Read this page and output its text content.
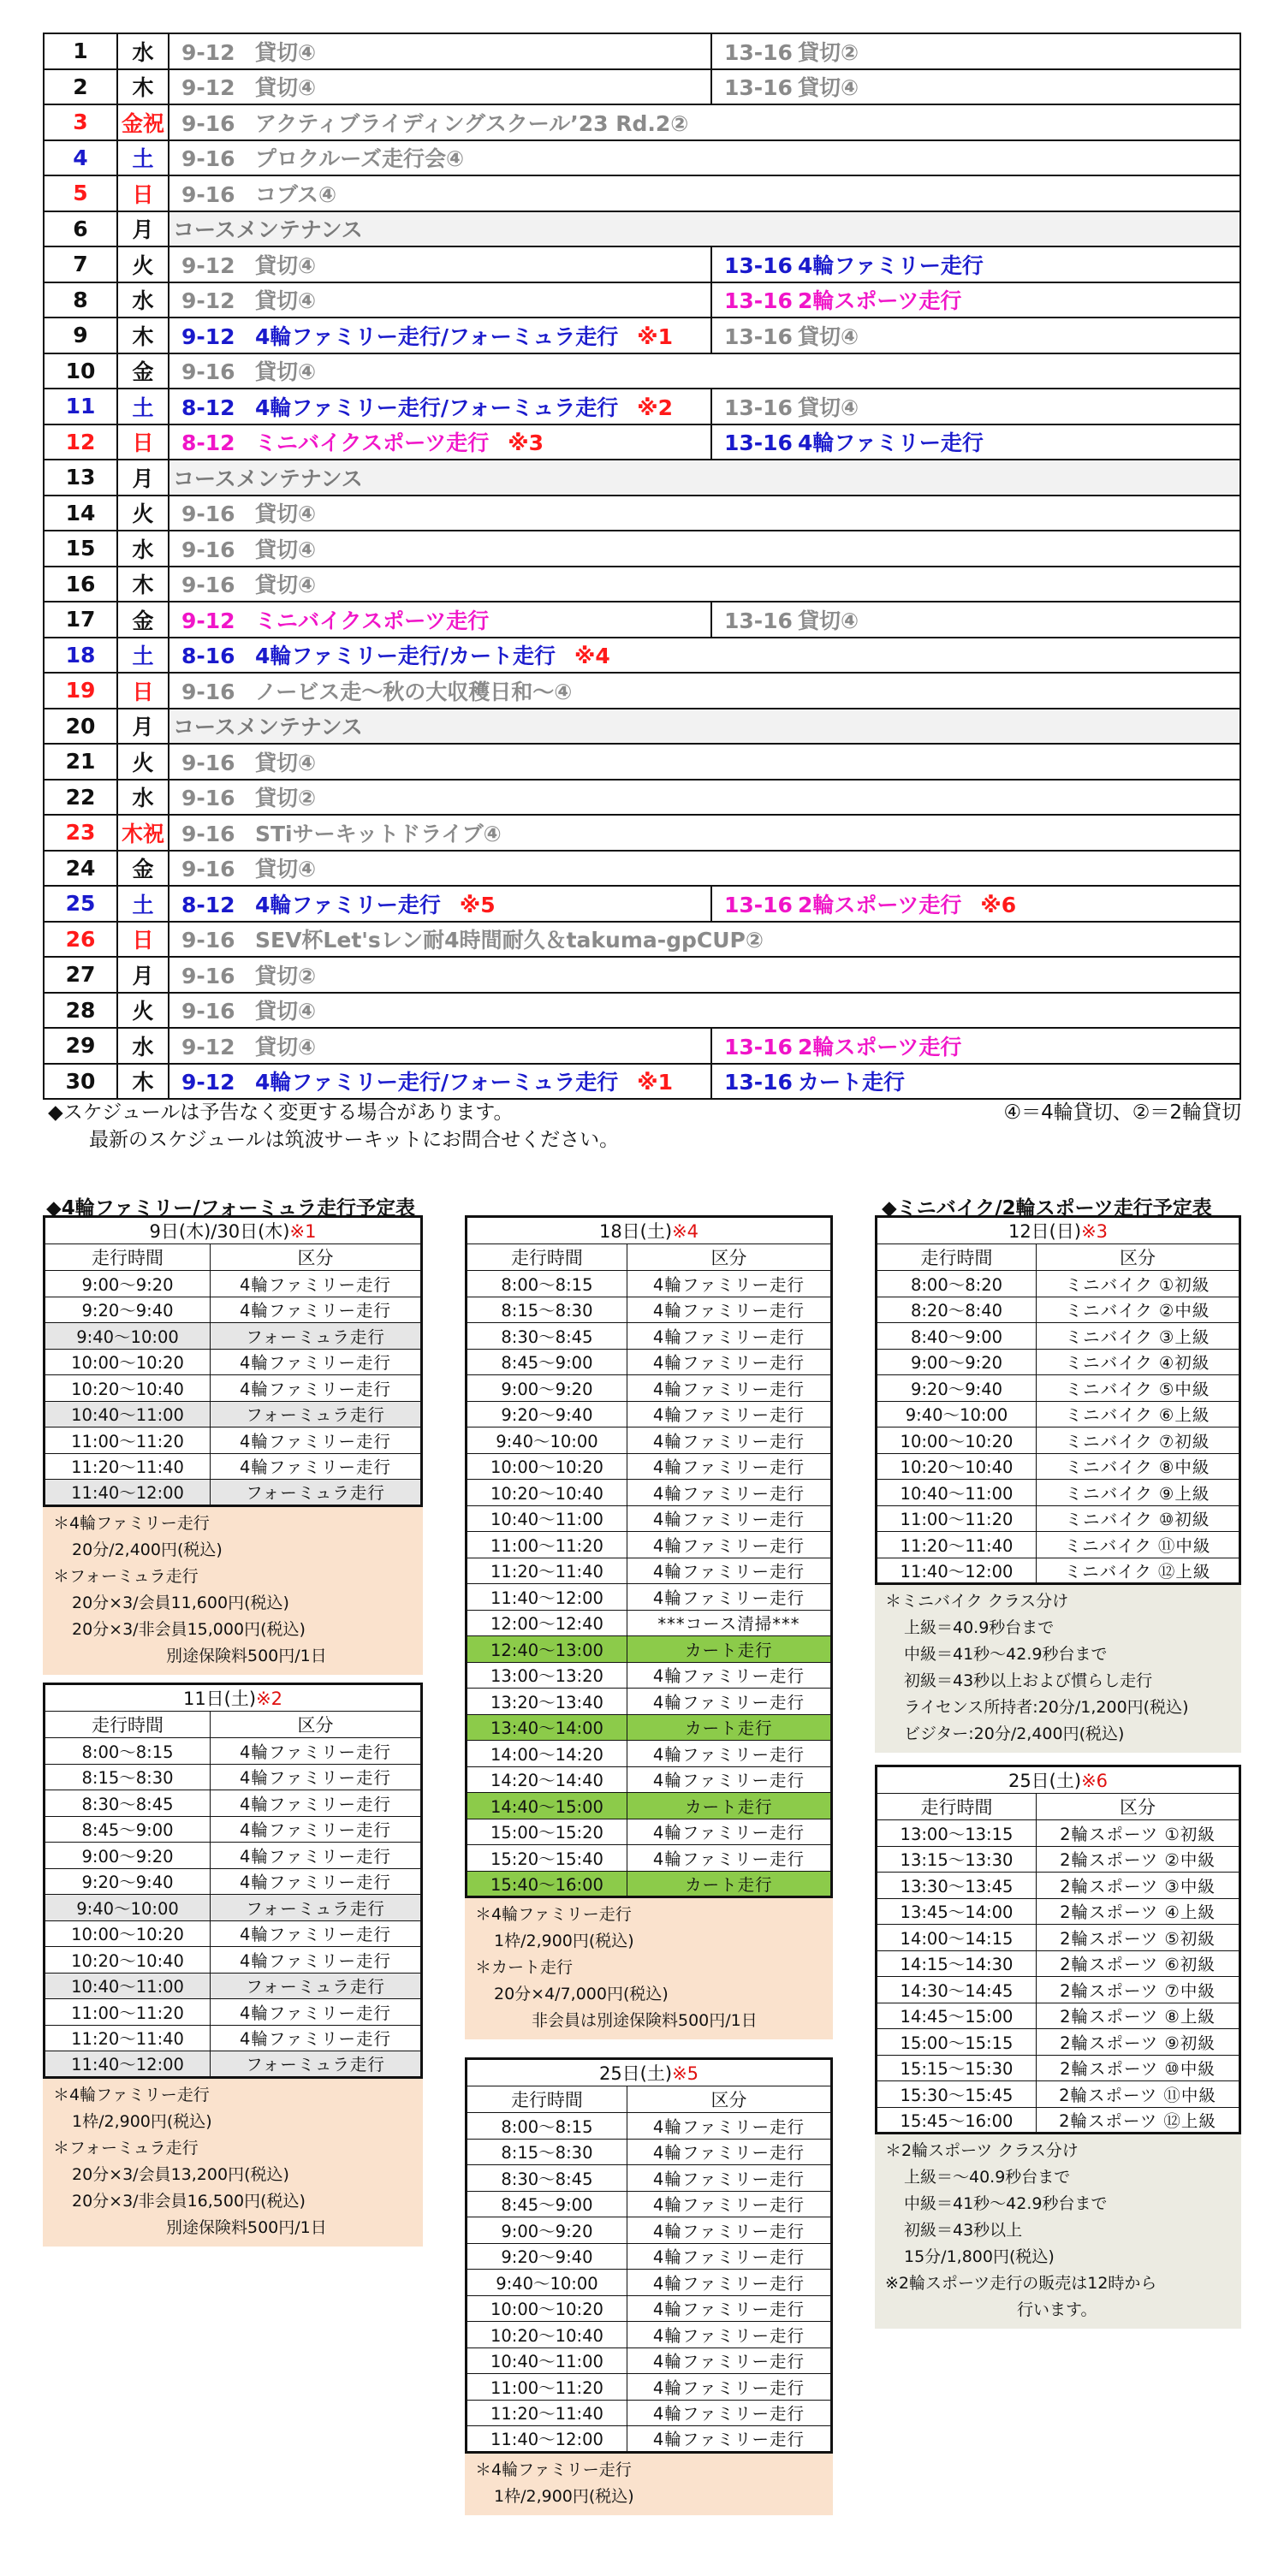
1	水	9-12 貸切④	13-16 貸切②
2	木	9-12 貸切④	13-16 貸切④
3	金祝	9-16 アクティブライディングスクール’23 Rd.2②	
4	土	9-16 プロクルーズ走行会④	
5	日	9-16 コブス④	
6	月	コースメンテナンス	
7	火	9-12 貸切④	13-16 4輪ファミリー走行
8	水	9-12 貸切④	13-16 2輪スポーツ走行
9	木	9-12 4輪ファミリー走行/フォーミュラ走行 ※1	13-16 貸切④
10	金	9-16 貸切④	
11	土	8-12 4輪ファミリー走行/フォーミュラ走行 ※2	13-16 貸切④
12	日	8-12 ミニバイクスポーツ走行 ※3	13-16 4輪ファミリー走行
13	月	コースメンテナンス	
14	火	9-16 貸切④	
15	水	9-16 貸切④	
16	木	9-16 貸切④	
17	金	9-12 ミニバイクスポーツ走行	13-16 貸切④
18	土	8-16 4輪ファミリー走行/カート走行 ※4	
19	日	9-16 ノービス走～秋の大収穫日和～④	
20	月	コースメンテナンス	
21	火	9-16 貸切④	
22	水	9-16 貸切②	
23	木祝	9-16 STiサーキットドライブ④	
24	金	9-16 貸切④	
25	土	8-12 4輪ファミリー走行 ※5	13-16 2輪スポーツ走行 ※6
26	日	9-16 SEV杯Let'sレン耐4時間耐久＆takuma-gpCUP②	
27	月	9-16 貸切②	
28	火	9-16 貸切④	
29	水	9-12 貸切④	13-16 2輪スポーツ走行
30	木	9-12 4輪ファミリー走行/フォーミュラ走行 ※1	13-16 カート走行

◆スケジュールは予告なく変更する場合があります。

最新のスケジュールは筑波サーキットにお問合せください。

④＝4輪貸切、②＝2輪貸切
◆4輪ファミリー/フォーミュラ走行予定表	◆ミニバイク/2輪スポーツ走行予定表
9日(木)/30日(木)※1	
走行時間	区分
9:00～9:20	4輪ファミリー走行
9:20～9:40	4輪ファミリー走行
9:40～10:00	フォーミュラ走行
10:00～10:20	4輪ファミリー走行
10:20～10:40	4輪ファミリー走行
10:40～11:00	フォーミュラ走行
11:00～11:20	4輪ファミリー走行
11:20～11:40	4輪ファミリー走行
11:40～12:00	フォーミュラ走行

＊4輪ファミリー走行

20分/2,400円(税込)

＊フォーミュラ走行

20分×3/会員11,600円(税込)

20分×3/非会員15,000円(税込)

別途保険料500円/1日

11日(土)※2	
走行時間	区分
8:00～8:15	4輪ファミリー走行
8:15～8:30	4輪ファミリー走行
8:30～8:45	4輪ファミリー走行
8:45～9:00	4輪ファミリー走行
9:00～9:20	4輪ファミリー走行
9:20～9:40	4輪ファミリー走行
9:40～10:00	フォーミュラ走行
10:00～10:20	4輪ファミリー走行
10:20～10:40	4輪ファミリー走行
10:40～11:00	フォーミュラ走行
11:00～11:20	4輪ファミリー走行
11:20～11:40	4輪ファミリー走行
11:40～12:00	フォーミュラ走行

＊4輪ファミリー走行

1枠/2,900円(税込)

＊フォーミュラ走行

20分×3/会員13,200円(税込)

20分×3/非会員16,500円(税込)

別途保険料500円/1日

18日(土)※4	
走行時間	区分
8:00～8:15	4輪ファミリー走行
8:15～8:30	4輪ファミリー走行
8:30～8:45	4輪ファミリー走行
8:45～9:00	4輪ファミリー走行
9:00～9:20	4輪ファミリー走行
9:20～9:40	4輪ファミリー走行
9:40～10:00	4輪ファミリー走行
10:00～10:20	4輪ファミリー走行
10:20～10:40	4輪ファミリー走行
10:40～11:00	4輪ファミリー走行
11:00～11:20	4輪ファミリー走行
11:20～11:40	4輪ファミリー走行
11:40～12:00	4輪ファミリー走行
12:00～12:40	***コース清掃***
12:40～13:00	カート走行
13:00～13:20	4輪ファミリー走行
13:20～13:40	4輪ファミリー走行
13:40～14:00	カート走行
14:00～14:20	4輪ファミリー走行
14:20～14:40	4輪ファミリー走行
14:40～15:00	カート走行
15:00～15:20	4輪ファミリー走行
15:20～15:40	4輪ファミリー走行
15:40～16:00	カート走行

＊4輪ファミリー走行

1枠/2,900円(税込)

＊カート走行

20分×4/7,000円(税込)

非会員は別途保険料500円/1日

25日(土)※5	
走行時間	区分
8:00～8:15	4輪ファミリー走行
8:15～8:30	4輪ファミリー走行
8:30～8:45	4輪ファミリー走行
8:45～9:00	4輪ファミリー走行
9:00～9:20	4輪ファミリー走行
9:20～9:40	4輪ファミリー走行
9:40～10:00	4輪ファミリー走行
10:00～10:20	4輪ファミリー走行
10:20～10:40	4輪ファミリー走行
10:40～11:00	4輪ファミリー走行
11:00～11:20	4輪ファミリー走行
11:20～11:40	4輪ファミリー走行
11:40～12:00	4輪ファミリー走行

＊4輪ファミリー走行

1枠/2,900円(税込)

12日(日)※3	
走行時間	区分
8:00～8:20	ミニバイク ①初級
8:20～8:40	ミニバイク ②中級
8:40～9:00	ミニバイク ③上級
9:00～9:20	ミニバイク ④初級
9:20～9:40	ミニバイク ⑤中級
9:40～10:00	ミニバイク ⑥上級
10:00～10:20	ミニバイク ⑦初級
10:20～10:40	ミニバイク ⑧中級
10:40～11:00	ミニバイク ⑨上級
11:00～11:20	ミニバイク ⑩初級
11:20～11:40	ミニバイク ⑪中級
11:40～12:00	ミニバイク ⑫上級

＊ミニバイク クラス分け

上級＝40.9秒台まで

中級＝41秒～42.9秒台まで

初級＝43秒以上および慣らし走行

ライセンス所持者:20分/1,200円(税込)

ビジター:20分/2,400円(税込)

25日(土)※6	
走行時間	区分
13:00～13:15	2輪スポーツ ①初級
13:15～13:30	2輪スポーツ ②中級
13:30～13:45	2輪スポーツ ③中級
13:45～14:00	2輪スポーツ ④上級
14:00～14:15	2輪スポーツ ⑤初級
14:15～14:30	2輪スポーツ ⑥初級
14:30～14:45	2輪スポーツ ⑦中級
14:45～15:00	2輪スポーツ ⑧上級
15:00～15:15	2輪スポーツ ⑨初級
15:15～15:30	2輪スポーツ ⑩中級
15:30～15:45	2輪スポーツ ⑪中級
15:45～16:00	2輪スポーツ ⑫上級

＊2輪スポーツ クラス分け

上級＝～40.9秒台まで

中級＝41秒～42.9秒台まで

初級＝43秒以上

15分/1,800円(税込)

※2輪スポーツ走行の販売は12時から

行います。
